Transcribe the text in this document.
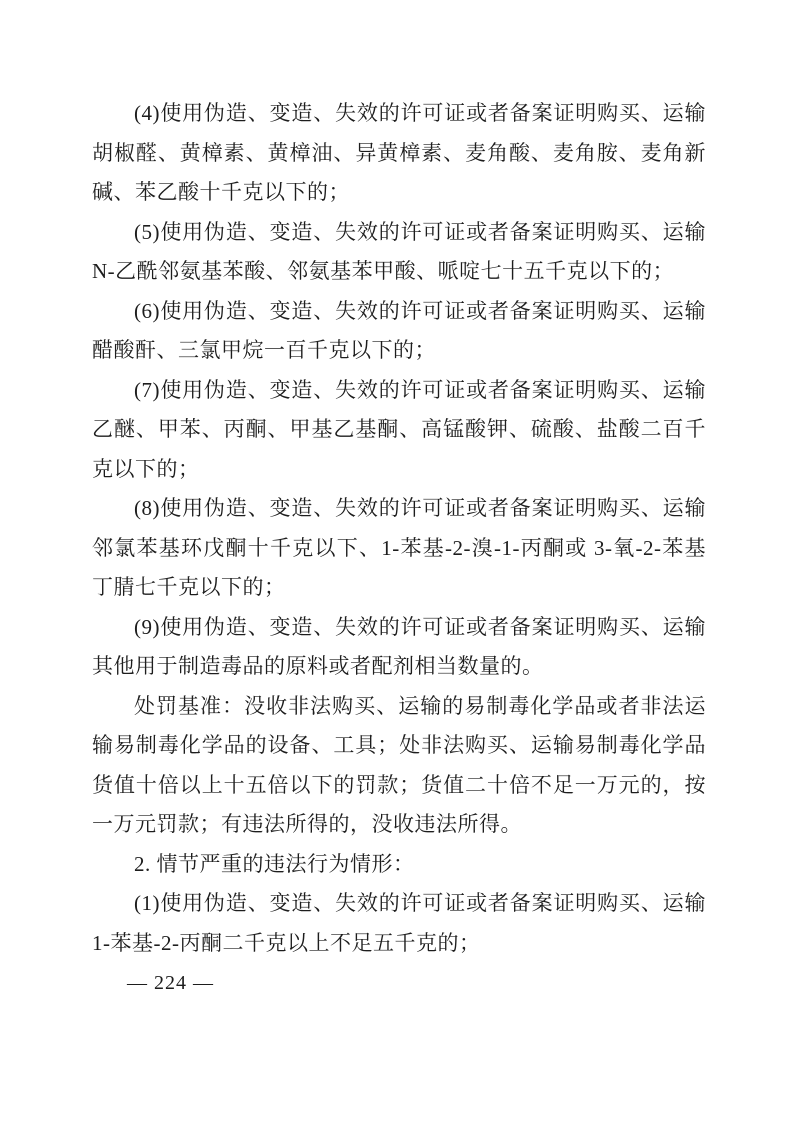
(4)使用伪造、变造、失效的许可证或者备案证明购买、运输胡椒醛、黄樟素、黄樟油、异黄樟素、麦角酸、麦角胺、麦角新碱、苯乙酸十千克以下的；

(5)使用伪造、变造、失效的许可证或者备案证明购买、运输 N-乙酰邻氨基苯酸、邻氨基苯甲酸、哌啶七十五千克以下的；

(6)使用伪造、变造、失效的许可证或者备案证明购买、运输醋酸酐、三氯甲烷一百千克以下的；

(7)使用伪造、变造、失效的许可证或者备案证明购买、运输乙醚、甲苯、丙酮、甲基乙基酮、高锰酸钾、硫酸、盐酸二百千克以下的；

(8)使用伪造、变造、失效的许可证或者备案证明购买、运输邻氯苯基环戊酮十千克以下、1-苯基-2-溴-1-丙酮或 3-氧-2-苯基丁腈七千克以下的；

(9)使用伪造、变造、失效的许可证或者备案证明购买、运输其他用于制造毒品的原料或者配剂相当数量的。

处罚基准：没收非法购买、运输的易制毒化学品或者非法运输易制毒化学品的设备、工具；处非法购买、运输易制毒化学品货值十倍以上十五倍以下的罚款；货值二十倍不足一万元的，按一万元罚款；有违法所得的，没收违法所得。

2. 情节严重的违法行为情形：

(1)使用伪造、变造、失效的许可证或者备案证明购买、运输 1-苯基-2-丙酮二千克以上不足五千克的；

— 224 —
